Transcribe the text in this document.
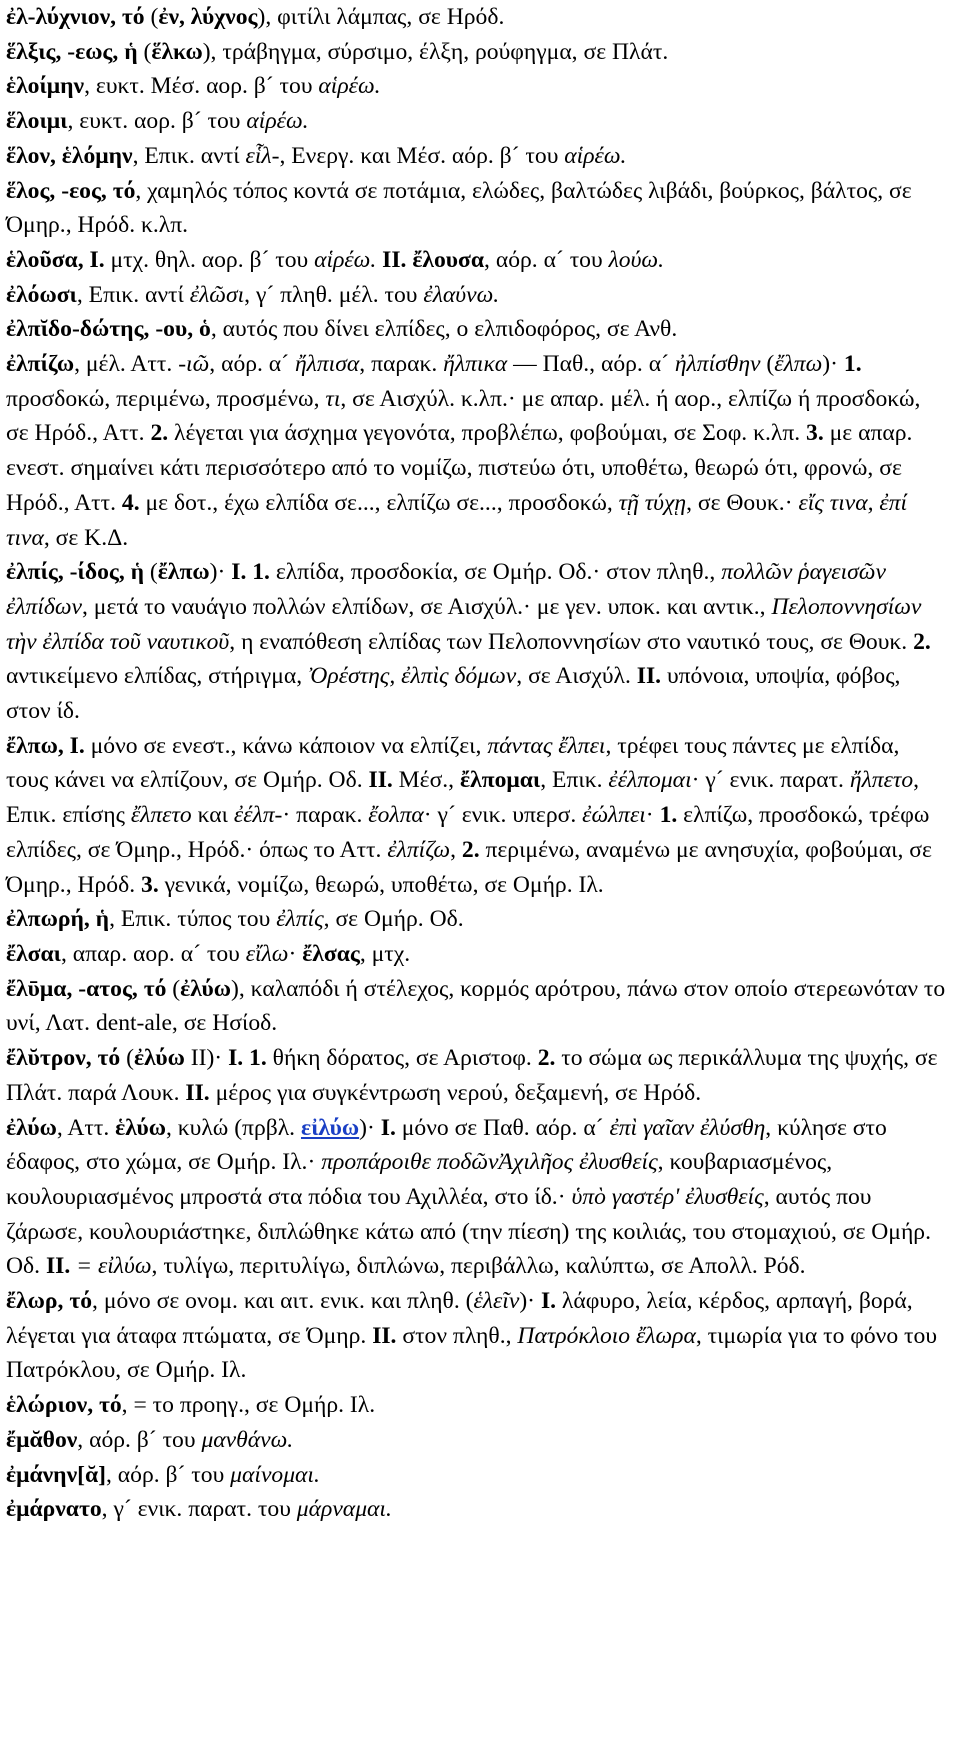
ἐλ-λύχνιον, τό (ἐν, λύχνος), φιτίλι λάμπας, σε Ηρόδ.

ἕλξις, -εως, ἡ (ἕλκω), τράβηγμα, σύρσιμο, έλξη, ρούφηγμα, σε Πλάτ.

ἑλοίμην, ευκτ. Μέσ. αορ. β´ του αἱρέω.

ἕλοιμι, ευκτ. αορ. β´ του αἱρέω.

ἕλον, ἑλόμην, Επικ. αντί εἷλ-, Ενεργ. και Μέσ. αόρ. β´ του αἱρέω.

ἕλος, -εος, τό, χαμηλός τόπος κοντά σε ποτάμια, ελώδες, βαλτώδες λιβάδι, βούρκος, βάλτος, σε Όμηρ., Ηρόδ. κ.λπ.

ἑλοῦσα, I. μτχ. θηλ. αορ. β´ του αἱρέω. II. ἔλουσα, αόρ. α´ του λούω.

ἐλόωσι, Επικ. αντί ἐλῶσι, γ´ πληθ. μέλ. του ἐλαύνω.

ἐλπῐδο-δώτης, -ου, ὁ, αυτός που δίνει ελπίδες, ο ελπιδοφόρος, σε Ανθ.

ἐλπίζω, μέλ. Αττ. -ιῶ, αόρ. α´ ἤλπισα, παρακ. ἤλπικα — Παθ., αόρ. α´ ἠλπίσθην (ἔλπω)· 1. προσδοκώ, περιμένω, προσμένω, τι, σε Αισχύλ. κ.λπ.· με απαρ. μέλ. ή αορ., ελπίζω ή προσδοκώ, σε Ηρόδ., Αττ. 2. λέγεται για άσχημα γεγονότα, προβλέπω, φοβούμαι, σε Σοφ. κ.λπ. 3. με απαρ. ενεστ. σημαίνει κάτι περισσότερο από το νομίζω, πιστεύω ότι, υποθέτω, θεωρώ ότι, φρονώ, σε Ηρόδ., Αττ. 4. με δοτ., έχω ελπίδα σε..., ελπίζω σε..., προσδοκώ, τῇ τύχῃ, σε Θουκ.· εἴς τινα, ἐπί τινα, σε Κ.Δ.

ἐλπίς, -ίδος, ἡ (ἔλπω)· I. 1. ελπίδα, προσδοκία, σε Ομήρ. Οδ.· στον πληθ., πολλῶν ῥαγεισῶν ἐλπίδων, μετά το ναυάγιο πολλών ελπίδων, σε Αισχύλ.· με γεν. υποκ. και αντικ., Πελοποννησίων τὴν ἐλπίδα τοῦ ναυτικοῦ, η εναπόθεση ελπίδας των Πελοποννησίων στο ναυτικό τους, σε Θουκ. 2. αντικείμενο ελπίδας, στήριγμα, Ὀρέστης, ἐλπὶς δόμων, σε Αισχύλ. II. υπόνοια, υποψία, φόβος, στον ίδ.

ἔλπω, I. μόνο σε ενεστ., κάνω κάποιον να ελπίζει, πάντας ἔλπει, τρέφει τους πάντες με ελπίδα, τους κάνει να ελπίζουν, σε Ομήρ. Οδ. II. Μέσ., ἔλπομαι, Επικ. ἐέλπομαι· γ´ ενικ. παρατ. ἤλπετο, Επικ. επίσης ἔλπετο και ἐέλπ-· παρακ. ἔολπα· γ´ ενικ. υπερσ. ἐώλπει· 1. ελπίζω, προσδοκώ, τρέφω ελπίδες, σε Όμηρ., Ηρόδ.· όπως το Αττ. ἐλπίζω, 2. περιμένω, αναμένω με ανησυχία, φοβούμαι, σε Όμηρ., Ηρόδ. 3. γενικά, νομίζω, θεωρώ, υποθέτω, σε Ομήρ. Ιλ.

ἐλπωρή, ἡ, Επικ. τύπος του ἐλπίς, σε Ομήρ. Οδ.

ἔλσαι, απαρ. αορ. α´ του εἴλω· ἔλσας, μτχ.

ἔλῡμα, -ατος, τό (ἐλύω), καλαπόδι ή στέλεχος, κορμός αρότρου, πάνω στον οποίο στερεωνόταν το υνί, Λατ. dent-ale, σε Ησίοδ.

ἔλῠτρον, τό (ἐλύω II)· I. 1. θήκη δόρατος, σε Αριστοφ. 2. το σώμα ως περικάλλυμα της ψυχής, σε Πλάτ. παρά Λουκ. II. μέρος για συγκέντρωση νερού, δεξαμενή, σε Ηρόδ.

ἐλύω, Αττ. ἑλύω, κυλώ (πρβλ. εἰλύω)· I. μόνο σε Παθ. αόρ. α´ ἐπὶ γαῖαν ἐλύσθη, κύλησε στο έδαφος, στο χώμα, σε Ομήρ. Ιλ.· προπάροιθε ποδῶνἈχιλῆος ἐλυσθείς, κουβαριασμένος, κουλουριασμένος μπροστά στα πόδια του Αχιλλέα, στο ίδ.· ὑπὸ γαστέρ' ἐλυσθείς, αυτός που ζάρωσε, κουλουριάστηκε, διπλώθηκε κάτω από (την πίεση) της κοιλιάς, του στομαχιού, σε Ομήρ. Οδ. II. = εἰλύω, τυλίγω, περιτυλίγω, διπλώνω, περιβάλλω, καλύπτω, σε Απολλ. Ρόδ.

ἔλωρ, τό, μόνο σε ονομ. και αιτ. ενικ. και πληθ. (ἑλεῖν)· I. λάφυρο, λεία, κέρδος, αρπαγή, βορά, λέγεται για άταφα πτώματα, σε Όμηρ. II. στον πληθ., Πατρόκλοιο ἔλωρα, τιμωρία για το φόνο του Πατρόκλου, σε Ομήρ. Ιλ.

ἑλώριον, τό, = το προηγ., σε Ομήρ. Ιλ.

ἔμᾰθον, αόρ. β´ του μανθάνω.

ἐμάνην[ᾰ], αόρ. β´ του μαίνομαι.

ἐμάρνατο, γ´ ενικ. παρατ. του μάρναμαι.
